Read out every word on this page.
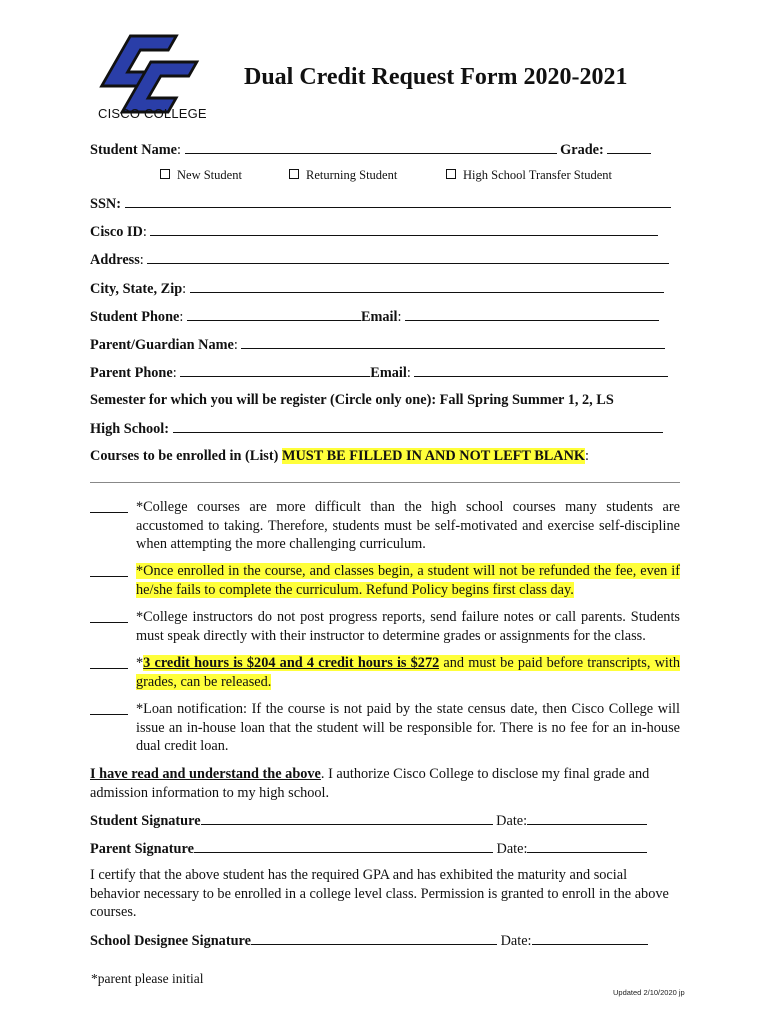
CISCO COLLEGE
Dual Credit Request Form 2020-2021
Student Name:	Grade:
New Student	Returning Student	High School Transfer Student
SSN:
Cisco ID:
Address:
City, State, Zip:
Student Phone:	Email:
Parent/Guardian Name:
Parent Phone:	Email:
Semester for which you will be register (Circle only one): Fall Spring Summer 1, 2, LS
High School:
Courses to be enrolled in (List) MUST BE FILLED IN AND NOT LEFT BLANK:
*College courses are more difficult than the high school courses many students are accustomed to taking. Therefore, students must be self-motivated and exercise self-discipline when attempting the more challenging curriculum.
*Once enrolled in the course, and classes begin, a student will not be refunded the fee, even if he/she fails to complete the curriculum. Refund Policy begins first class day.
*College instructors do not post progress reports, send failure notes or call parents. Students must speak directly with their instructor to determine grades or assignments for the class.
*3 credit hours is $204 and 4 credit hours is $272 and must be paid before transcripts, with grades, can be released.
*Loan notification: If the course is not paid by the state census date, then Cisco College will issue an in-house loan that the student will be responsible for. There is no fee for an in-house dual credit loan.
I have read and understand the above. I authorize Cisco College to disclose my final grade and admission information to my high school.
Student Signature	Date:
Parent Signature	Date:
I certify that the above student has the required GPA and has exhibited the maturity and social behavior necessary to be enrolled in a college level class. Permission is granted to enroll in the above courses.
School Designee Signature	Date:
*parent please initial
Updated 2/10/2020 jp
